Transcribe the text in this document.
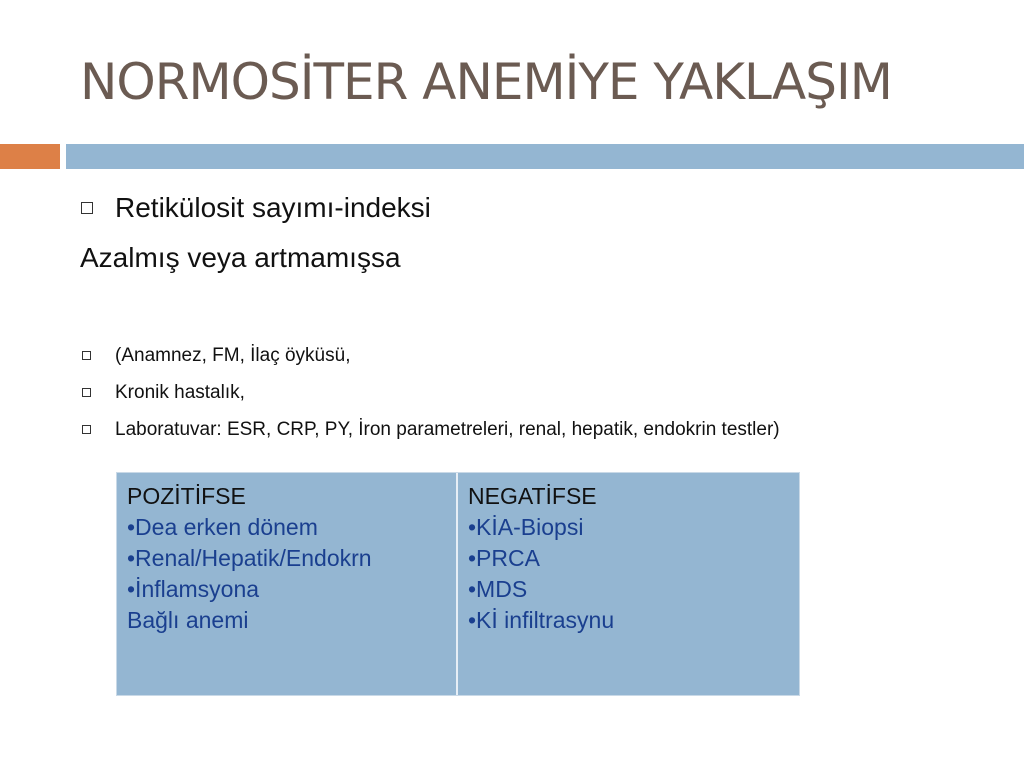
NORMOSİTER ANEMİYE YAKLAŞIM
Retikülosit sayımı-indeksi
Azalmış veya artmamışsa
(Anamnez, FM, İlaç öyküsü,
Kronik hastalık,
Laboratuvar: ESR, CRP, PY, İron parametreleri, renal, hepatik, endokrin testler)
POZİTİFSE
•Dea erken dönem
•Renal/Hepatik/Endokrn
•İnflamsyona
Bağlı anemi
NEGATİFSE
•KİA-Biopsi
•PRCA
•MDS
•Kİ infiltrasynu
